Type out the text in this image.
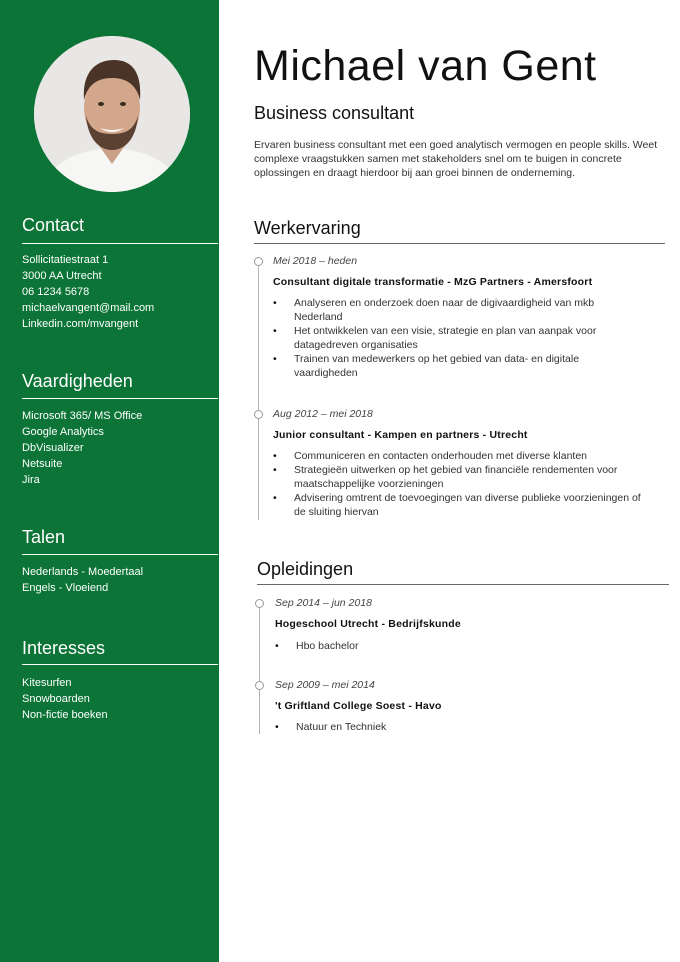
Contact
Sollicitatiestraat 1
3000 AA Utrecht
06 1234 5678
michaelvangent@mail.com
Linkedin.com/mvangent
Vaardigheden
Microsoft 365/ MS Office
Google Analytics
DbVisualizer
Netsuite
Jira
Talen
Nederlands - Moedertaal
Engels - Vloeiend
Interesses
Kitesurfen
Snowboarden
Non-fictie boeken
Michael van Gent
Business consultant
Ervaren business consultant met een goed analytisch vermogen en people skills. Weet complexe vraagstukken samen met stakeholders snel om te buigen in concrete oplossingen en draagt hierdoor bij aan groei binnen de onderneming.
Werkervaring
Mei 2018 – heden
Consultant digitale transformatie - MzG Partners - Amersfoort
• Analyseren en onderzoek doen naar de digivaardigheid van mkb Nederland
• Het ontwikkelen van een visie, strategie en plan van aanpak voor datagedreven organisaties
• Trainen van medewerkers op het gebied van data- en digitale vaardigheden
Aug 2012 – mei 2018
Junior consultant - Kampen en partners - Utrecht
• Communiceren en contacten onderhouden met diverse klanten
• Strategieën uitwerken op het gebied van financiële rendementen voor maatschappelijke voorzieningen
• Advisering omtrent de toevoegingen van diverse publieke voorzieningen of de sluiting hiervan
Opleidingen
Sep 2014 – jun 2018
Hogeschool Utrecht - Bedrijfskunde
• Hbo bachelor
Sep 2009 – mei 2014
't Griftland College Soest - Havo
• Natuur en Techniek
